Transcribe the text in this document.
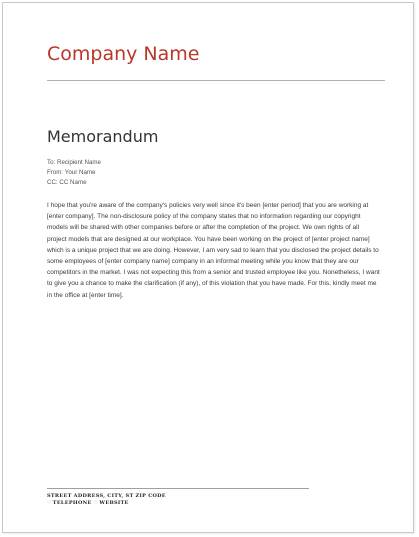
Company Name
Memorandum
To: Recipient Name
From: Your Name
CC: CC Name
I hope that you're aware of the company's policies very well since it's been [enter period] that you are working at [enter company]. The non-disclosure policy of the company states that no information regarding our copyright models will be shared with other companies before or after the completion of the project. We own rights of all project models that are designed at our workplace. You have been working on the project of [enter project name] which is a unique project that we are doing. However, I am very sad to learn that you disclosed the project details to some employees of [enter company name] company in an informal meeting while you know that they are our competitors in the market. I was not expecting this from a senior and trusted employee like you. Nonetheless, I want to give you a chance to make the clarification (if any), of this violation that you have made. For this, kindly meet me in the office at [enter time].
STREET ADDRESS, CITY, ST ZIP CODE
♡TELEPHONE ♡WEBSITE
